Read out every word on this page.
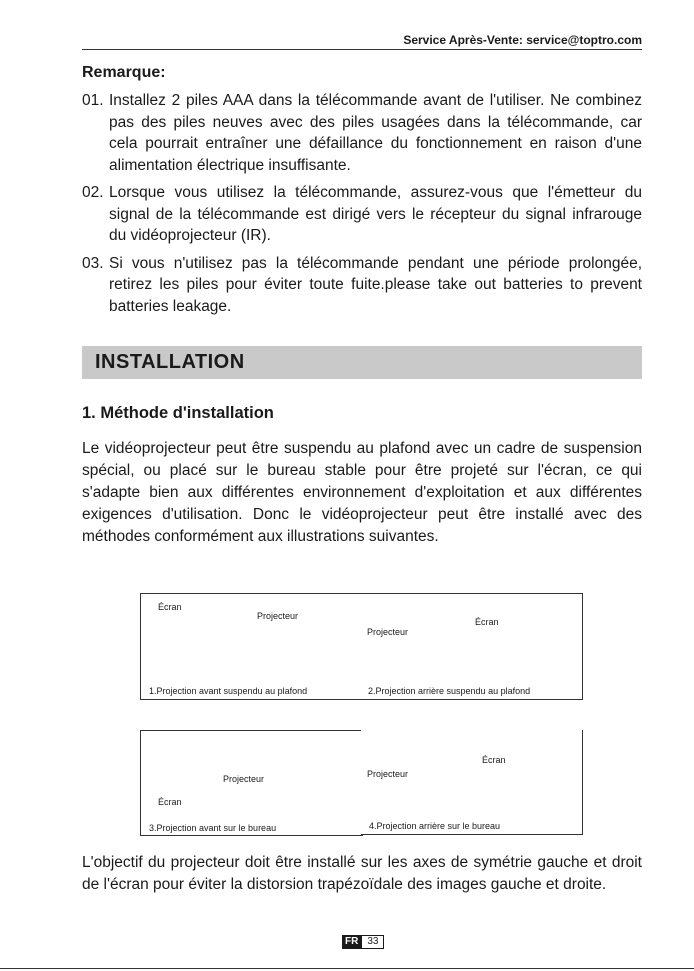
Service Après-Vente: service@toptro.com
Remarque:
01. Installez 2 piles AAA dans la télécommande avant de l'utiliser. Ne combinez pas des piles neuves avec des piles usagées dans la télécommande, car cela pourrait entraîner une défaillance du fonctionnement en raison d'une alimentation électrique insuffisante.
02. Lorsque vous utilisez la télécommande, assurez-vous que l'émetteur du signal de la télécommande est dirigé vers le récepteur du signal infrarouge du vidéoprojecteur (IR).
03. Si vous n'utilisez pas la télécommande pendant une période prolongée, retirez les piles pour éviter toute fuite.please take out batteries to prevent batteries leakage.
INSTALLATION
1. Méthode d'installation
Le vidéoprojecteur peut être suspendu au plafond avec un cadre de suspension spécial, ou placé sur le bureau stable pour être projeté sur l'écran, ce qui s'adapte bien aux différentes environnement d'exploitation et aux différentes exigences d'utilisation. Donc le vidéoprojecteur peut être installé avec des méthodes conformément aux illustrations suivantes.
Écran
Projecteur
1.Projection avant suspendu au plafond
Écran
Projecteur
2.Projection arrière suspendu au plafond
Projecteur
Écran
3.Projection avant sur le bureau
Écran
Projecteur
4.Projection arrière sur le bureau
L'objectif du projecteur doit être installé sur les axes de symétrie gauche et droit de l'écran pour éviter la distorsion trapézoïdale des images gauche et droite.
FR 33
